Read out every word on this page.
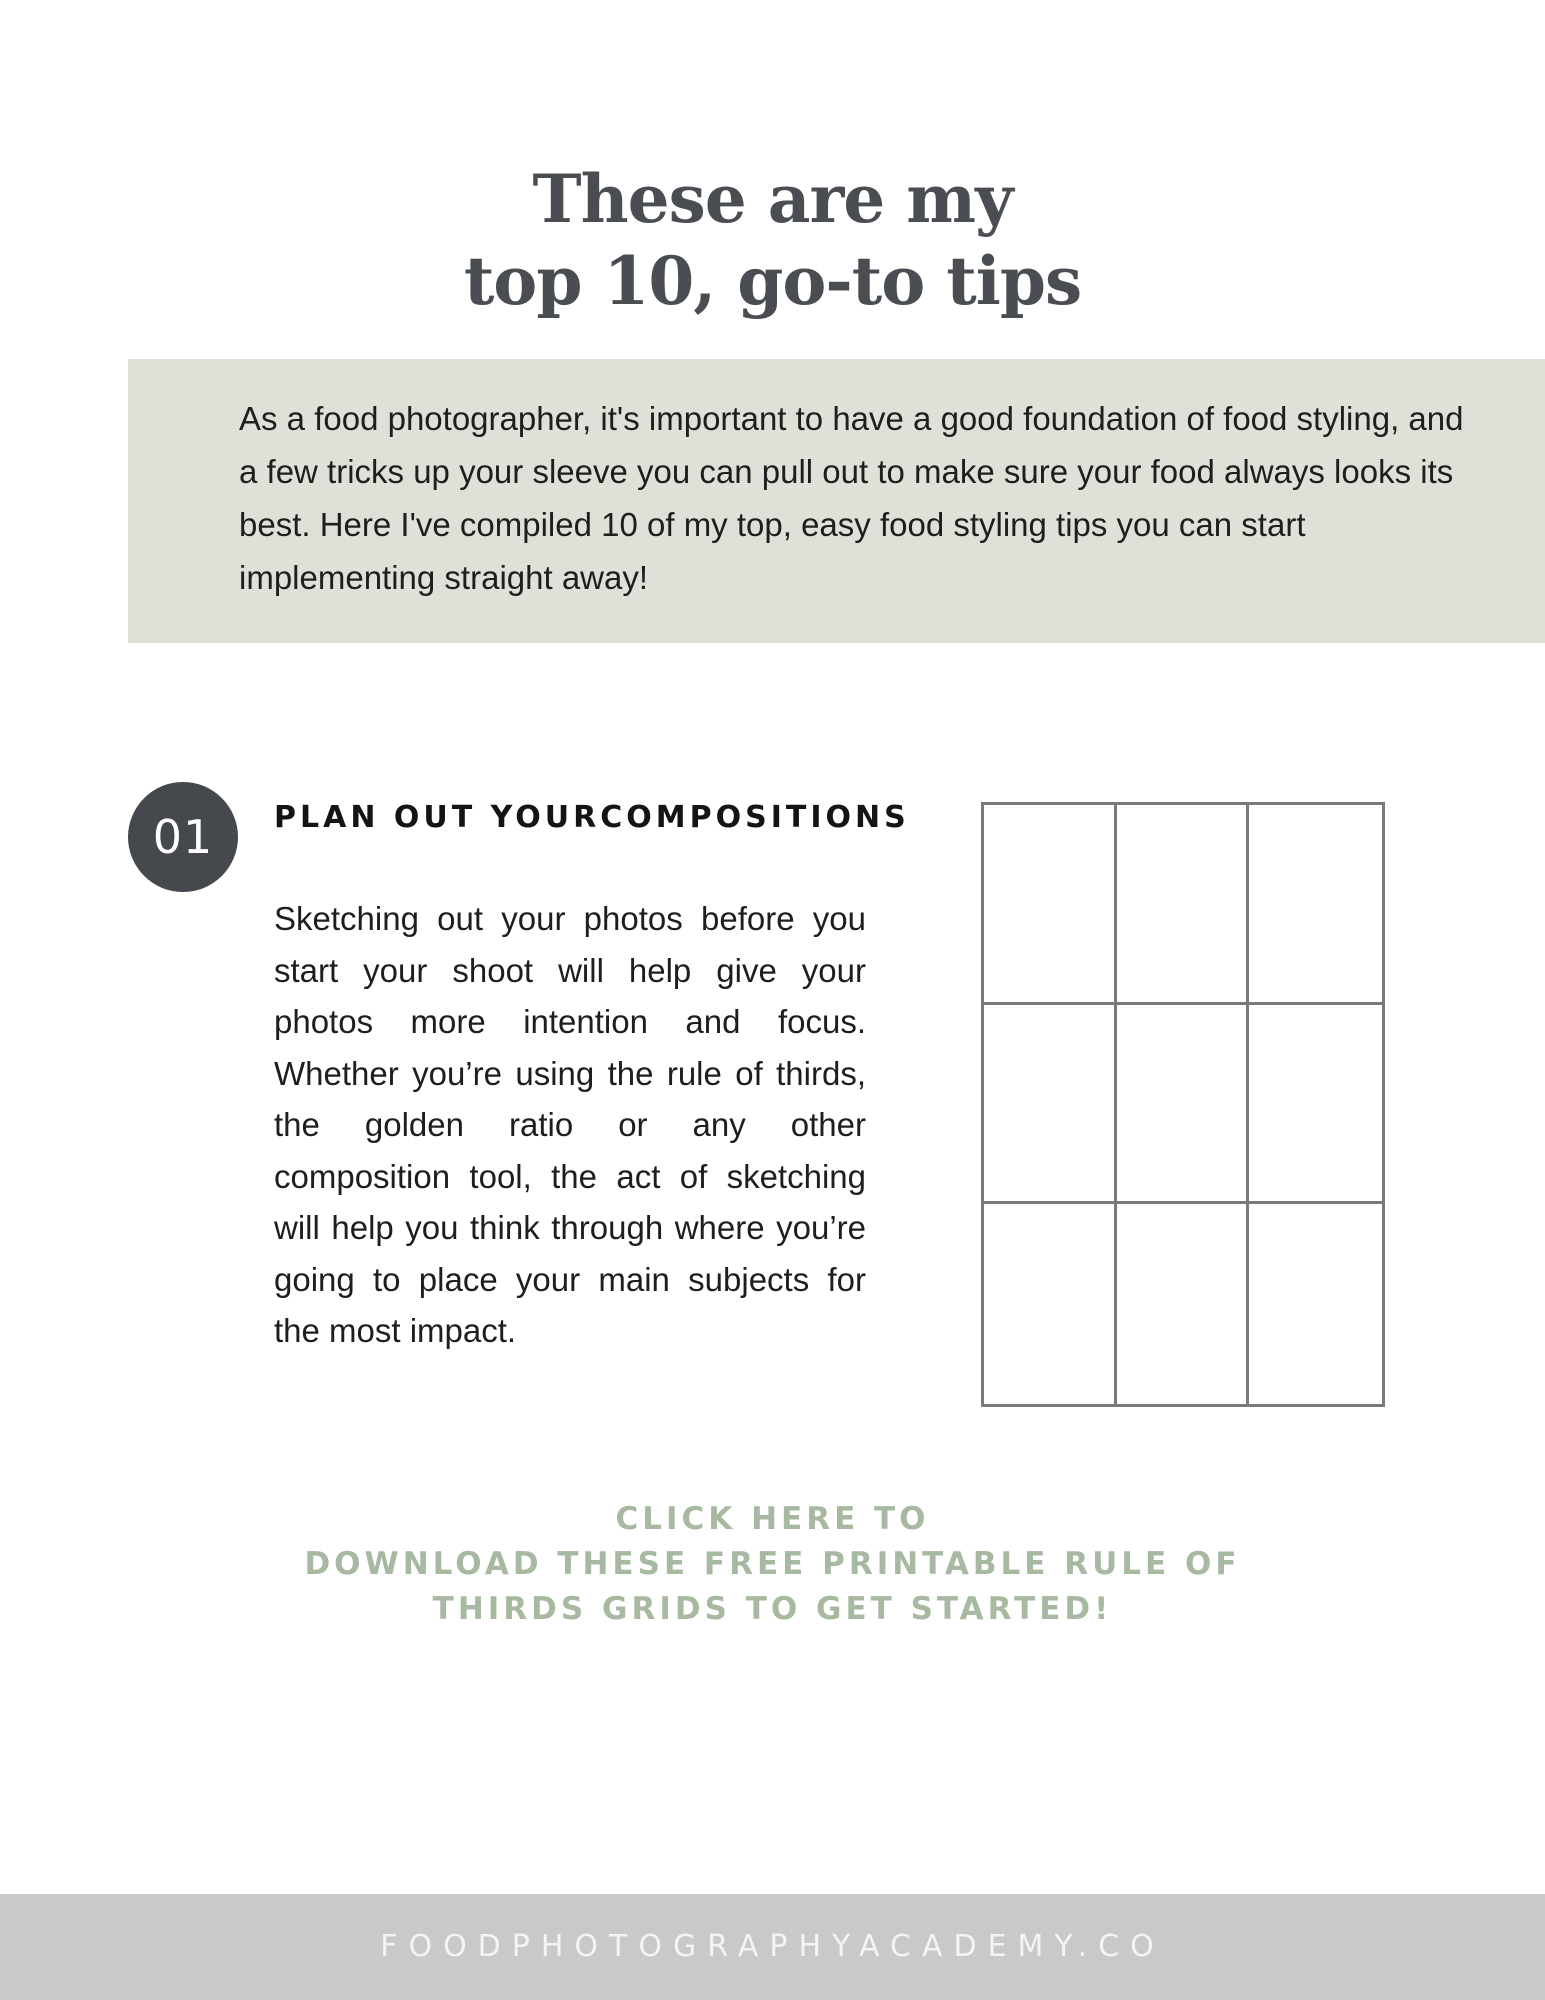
These are my
top 10, go-to tips

As a food photographer, it's important to have a good foundation of food styling, and a few tricks up your sleeve you can pull out to make sure your food always looks its best. Here I've compiled 10 of my top, easy food styling tips you can start implementing straight away!

01	PLAN OUT YOURCOMPOSITIONS

Sketching out your photos before you start your shoot will help give your photos more intention and focus. Whether you’re using the rule of thirds, the golden ratio or any other composition tool, the act of sketching will help you think through where you’re going to place your main subjects for the most impact.

CLICK HERE TO
DOWNLOAD THESE FREE PRINTABLE RULE OF
THIRDS GRIDS TO GET STARTED!
FOODPHOTOGRAPHYACADEMY.CO
